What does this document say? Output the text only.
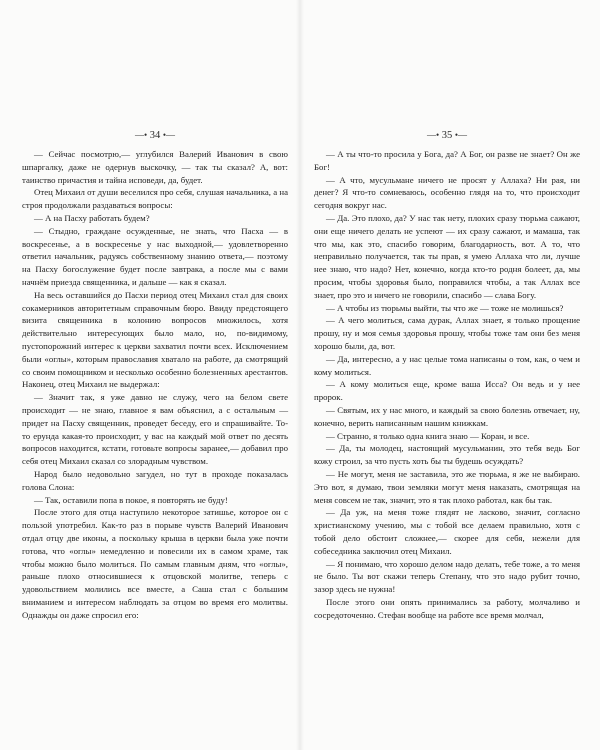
—• 34 •—

— Сейчас посмотрю,— углубился Валерий Иванович в свою шпаргалку, даже не одернув выскочку, — так ты сказал? А, вот: таинство причастия и тайна исповеди, да, будет.

Отец Михаил от души веселился про себя, слушая начальника, а на строя продолжали раздаваться вопросы:

— А на Пасху работать будем?

— Стыдно, граждане осужденные, не знать, что Пасха — в воскресенье, а в воскресенье у нас выходной,— удовлетворенно ответил начальник, радуясь собственному знанию ответа,— поэтому на Пасху богослужение будет после завтрака, а после мы с вами начнём приезда священника, и дальше — как я сказал.

На весь оставшийся до Пасхи период отец Михаил стал для своих сокамерников авторитетным справочным бюро. Ввиду предстоящего визита священника в колонию вопросов множилось, хотя действительно интересующих было мало, но, по-видимому, пустопорожний интерес к церкви захватил почти всех. Исключением были «оглы», которым православия хватало на работе, да смотрящий со своим помощником и несколько особенно болезненных арестантов. Наконец, отец Михаил не выдержал:

— Значит так, я уже давно не служу, чего на белом свете происходит — не знаю, главное я вам объяснил, а с остальным — придет на Пасху священник, проведет беседу, его и спрашивайте. То-то ерунда какая-то происходит, у вас на каждый мой ответ по десять вопросов находится, кстати, готовьте вопросы заранее,— добавил про себя отец Михаил сказал со злорадным чувством.

Народ было недовольно загудел, но тут в проходе показалась голова Слона:

— Так, оставили попа в покое, я повторять не буду!

После этого для отца наступило некоторое затишье, которое он с пользой употребил. Как-то раз в порыве чувств Валерий Иванович отдал отцу две иконы, а поскольку крыша в церкви была уже почти готова, что «оглы» немедленно и повесили их в самом храме, так чтобы можно было молиться. По самым главным дням, что «оглы», раньше плохо относившиеся к отцовской молитве, теперь с удовольствием молились все вместе, а Саша стал с большим вниманием и интересом наблюдать за отцом во время его молитвы. Однажды он даже спросил его:

—• 35 •—

— А ты что-то просила у Бога, да? А Бог, он разве не знает? Он же Бог!

— А что, мусульмане ничего не просят у Аллаха? Ни рая, ни денег? Я что-то сомневаюсь, особенно глядя на то, что происходит сегодня вокруг нас.

— Да. Это плохо, да? У нас так нету, плохих сразу тюрьма сажают, они еще ничего делать не успеют — их сразу сажают, и мамаша, так что мы, как это, спасибо говорим, благодарность, вот. А то, что неправильно получается, так ты прав, я умею Аллаха что ли, лучше нее знаю, что надо? Нет, конечно, когда кто-то родня болеет, да, мы просим, чтобы здоровья было, поправился чтобы, а так Аллах все знает, про это и ничего не говорили, спасибо — слава Богу.

— А чтобы из тюрьмы выйти, ты что же — тоже не молишься?

— А чего молиться, сама дурак, Аллах знает, я только прощение прошу, ну и моя семья здоровья прошу, чтобы тоже там они без меня хорошо были, да, вот.

— Да, интересно, а у нас целые тома написаны о том, как, о чем и кому молиться.

— А кому молиться еще, кроме ваша Исса? Он ведь и у нее пророк.

— Святым, их у нас много, и каждый за свою болезнь отвечает, ну, конечно, верить написанным нашим книжкам.

— Странно, я только одна книга знаю — Коран, и все.

— Да, ты молодец, настоящий мусульманин, это тебя ведь Бог кожу строил, за что пусть хоть бы ты будешь осуждать?

— Не могут, меня не заставила, это же тюрьма, я же не выбираю. Это вот, я думаю, твои земляки могут меня наказать, смотрящая на меня совсем не так, значит, это я так плохо работал, как бы так.

— Да уж, на меня тоже глядят не ласково, значит, согласно христианскому учению, мы с тобой все делаем правильно, хотя с тобой дело обстоит сложнее,— скорее для себя, нежели для собеседника заключил отец Михаил.

— Я понимаю, что хорошо делом надо делать, тебе тоже, а то меня не было. Ты вот скажи теперь Степану, что это надо рубит точно, зазор здесь не нужна!

После этого они опять принимались за работу, молчаливо и сосредоточенно. Стефан вообще на работе все время молчал,
